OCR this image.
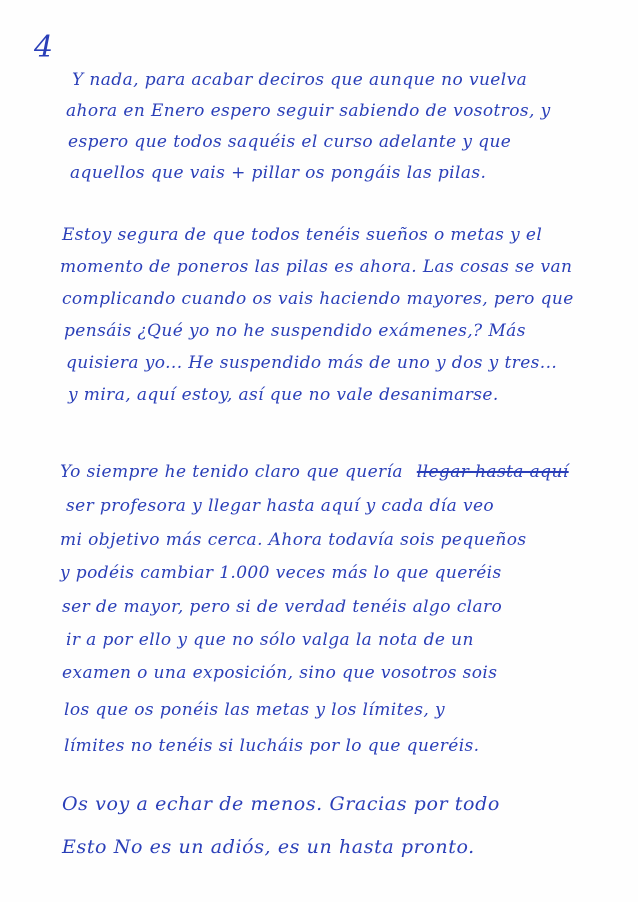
4
Y nada, para acabar deciros que aunque no vuelva
ahora en Enero espero seguir sabiendo de vosotros, y
espero que todos saquéis el curso adelante y que
aquellos que vais + pillar os pongáis las pilas.
Estoy segura de que todos tenéis sueños o metas y el
momento de poneros las pilas es ahora. Las cosas se van
complicando cuando os vais haciendo mayores, pero que
pensáis ¿Qué yo no he suspendido exámenes,? Más
quisiera yo... He suspendido más de uno y dos y tres...
y mira, aquí estoy, así que no vale desanimarse.
Yo siempre he tenido claro que quería llegar hasta aquí
ser profesora y llegar hasta aquí y cada día veo
mi objetivo más cerca. Ahora todavía sois pequeños
y podéis cambiar 1.000 veces más lo que queréis
ser de mayor, pero si de verdad tenéis algo claro
ir a por ello y que no sólo valga la nota de un
examen o una exposición, sino que vosotros sois
los que os ponéis las metas y los límites, y
límites no tenéis si lucháis por lo que queréis.
Os voy a echar de menos. Gracias por todo
Esto No es un adiós, es un hasta pronto.
